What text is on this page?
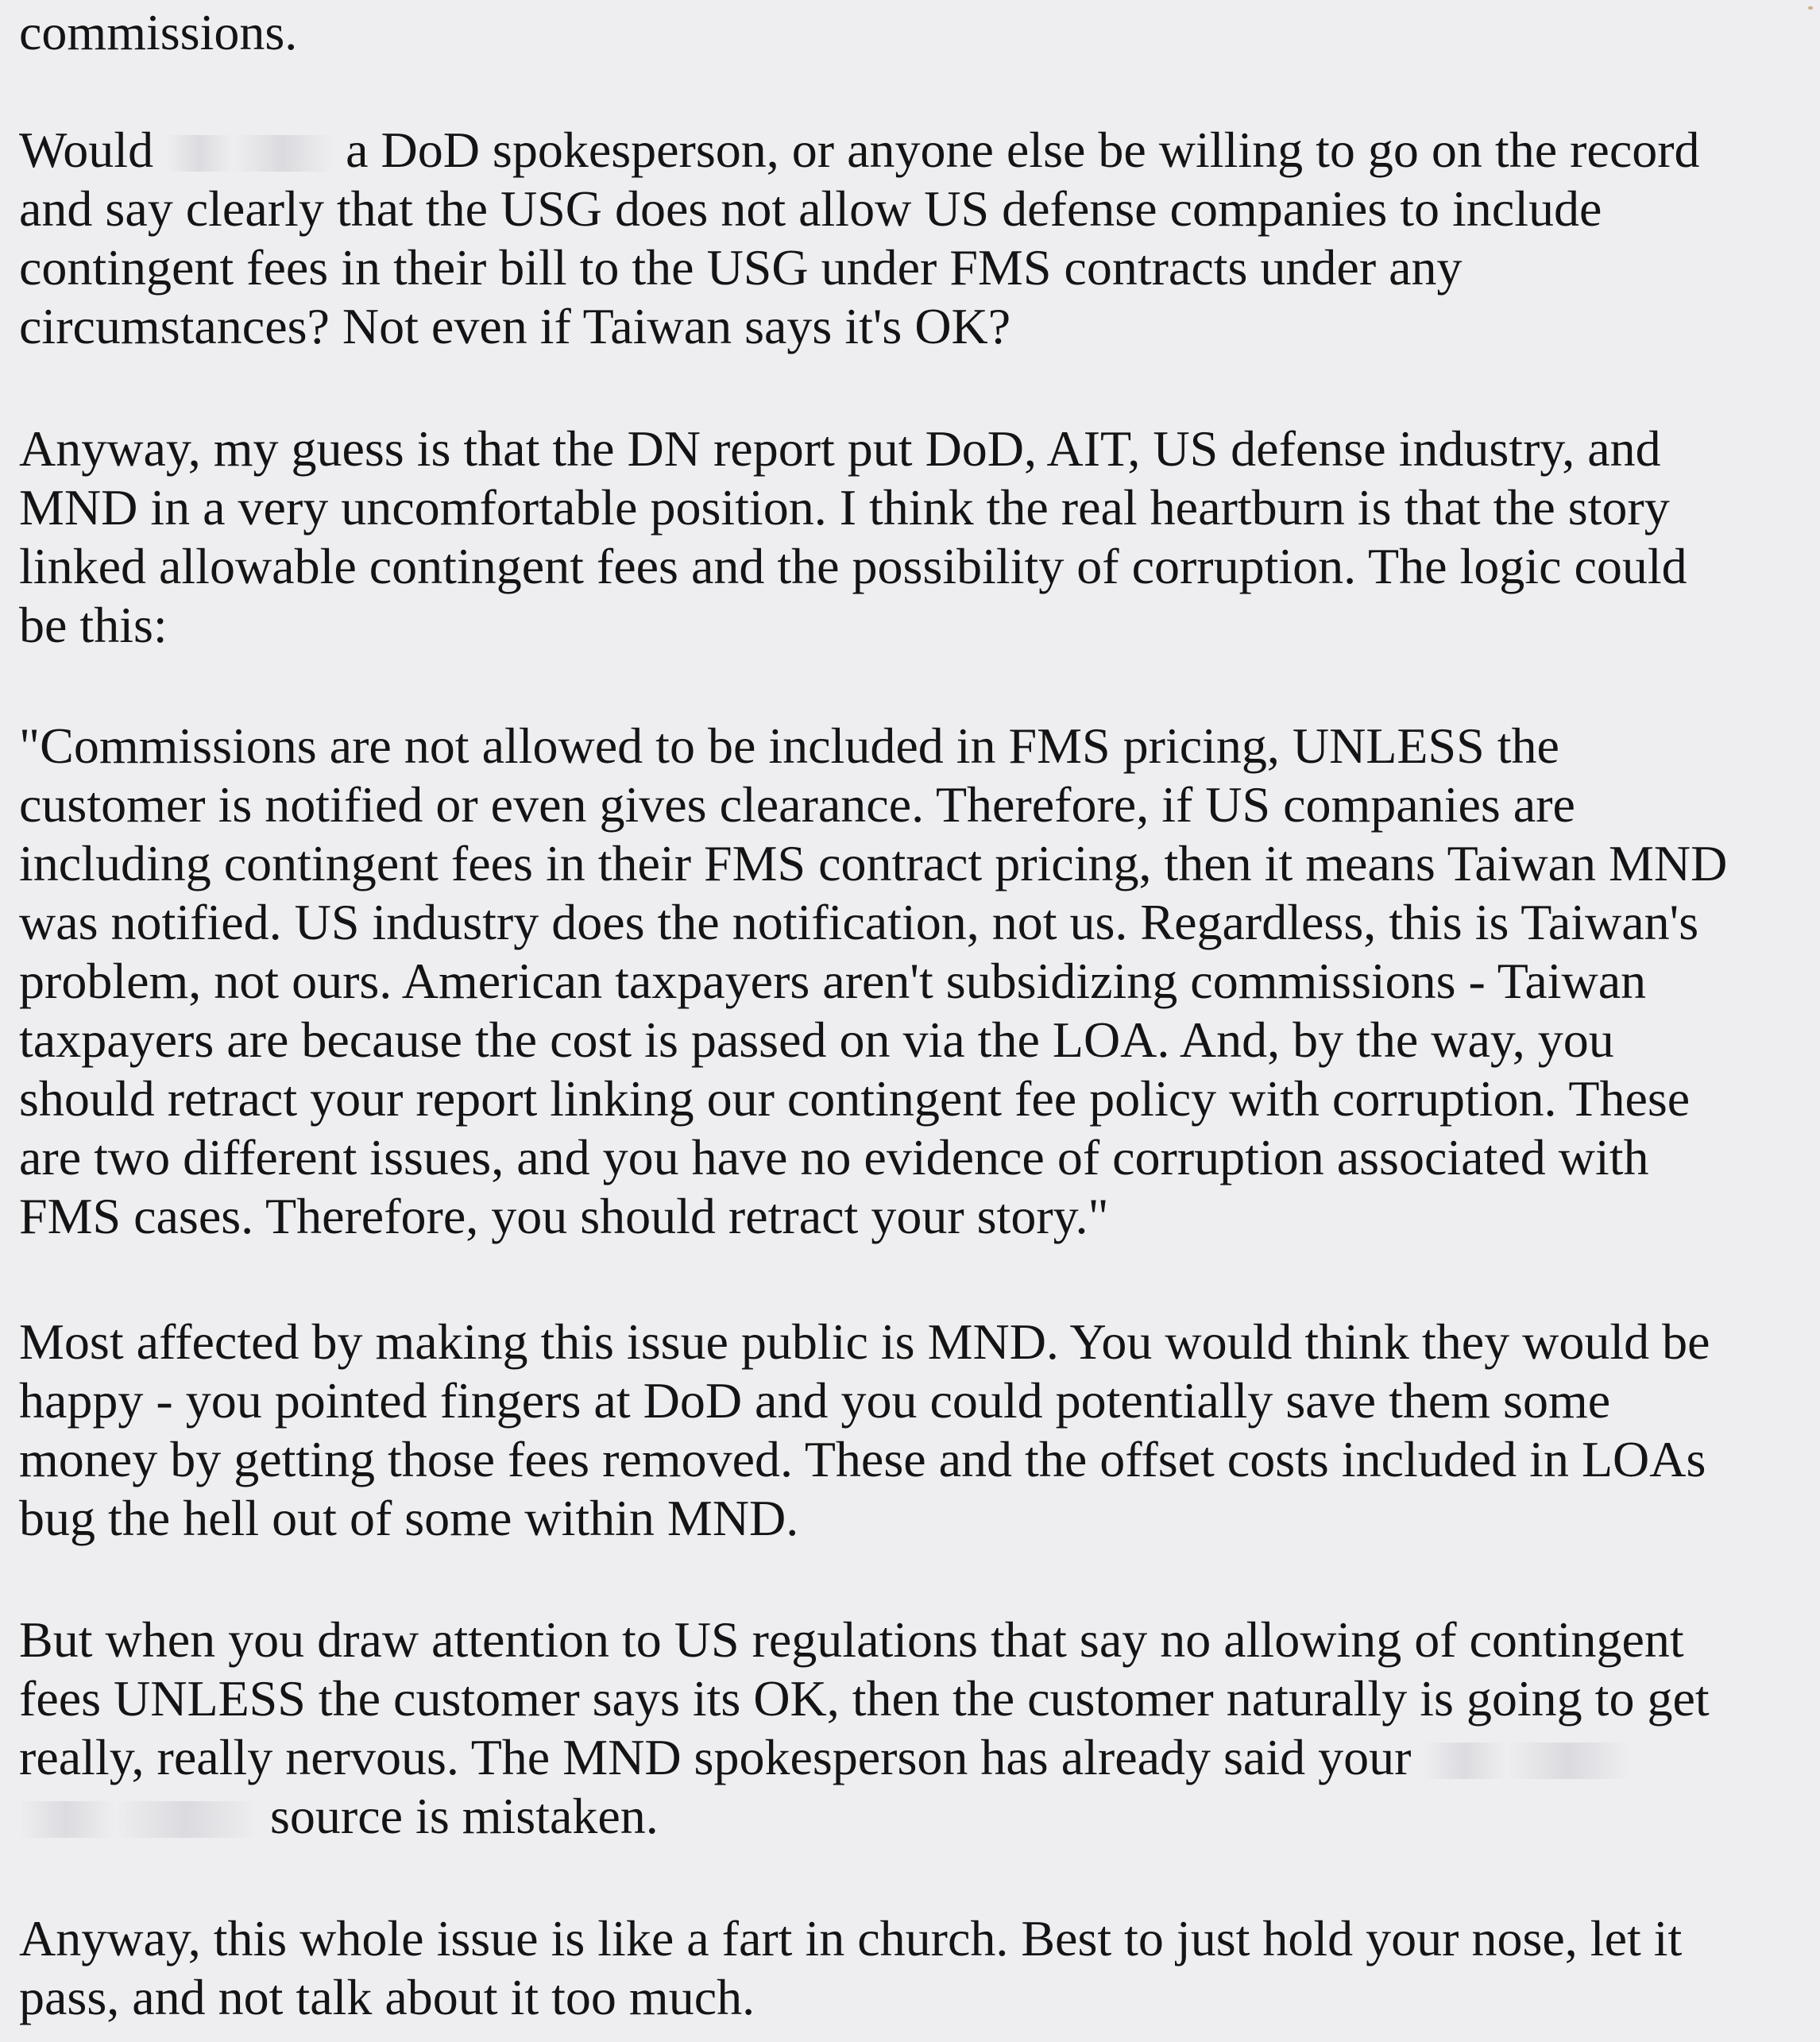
commissions.
Would	a DoD spokesperson, or anyone else be willing to go on the record
and say clearly that the USG does not allow US defense companies to include
contingent fees in their bill to the USG under FMS contracts under any
circumstances? Not even if Taiwan says it's OK?
Anyway, my guess is that the DN report put DoD, AIT, US defense industry, and
MND in a very uncomfortable position. I think the real heartburn is that the story
linked allowable contingent fees and the possibility of corruption. The logic could
be this:
"Commissions are not allowed to be included in FMS pricing, UNLESS the
customer is notified or even gives clearance. Therefore, if US companies are
including contingent fees in their FMS contract pricing, then it means Taiwan MND
was notified. US industry does the notification, not us. Regardless, this is Taiwan's
problem, not ours. American taxpayers aren't subsidizing commissions - Taiwan
taxpayers are because the cost is passed on via the LOA. And, by the way, you
should retract your report linking our contingent fee policy with corruption. These
are two different issues, and you have no evidence of corruption associated with
FMS cases. Therefore, you should retract your story."
Most affected by making this issue public is MND. You would think they would be
happy - you pointed fingers at DoD and you could potentially save them some
money by getting those fees removed. These and the offset costs included in LOAs
bug the hell out of some within MND.
But when you draw attention to US regulations that say no allowing of contingent
fees UNLESS the customer says its OK, then the customer naturally is going to get
really, really nervous. The MND spokesperson has already said your
source is mistaken.
Anyway, this whole issue is like a fart in church. Best to just hold your nose, let it
pass, and not talk about it too much.
